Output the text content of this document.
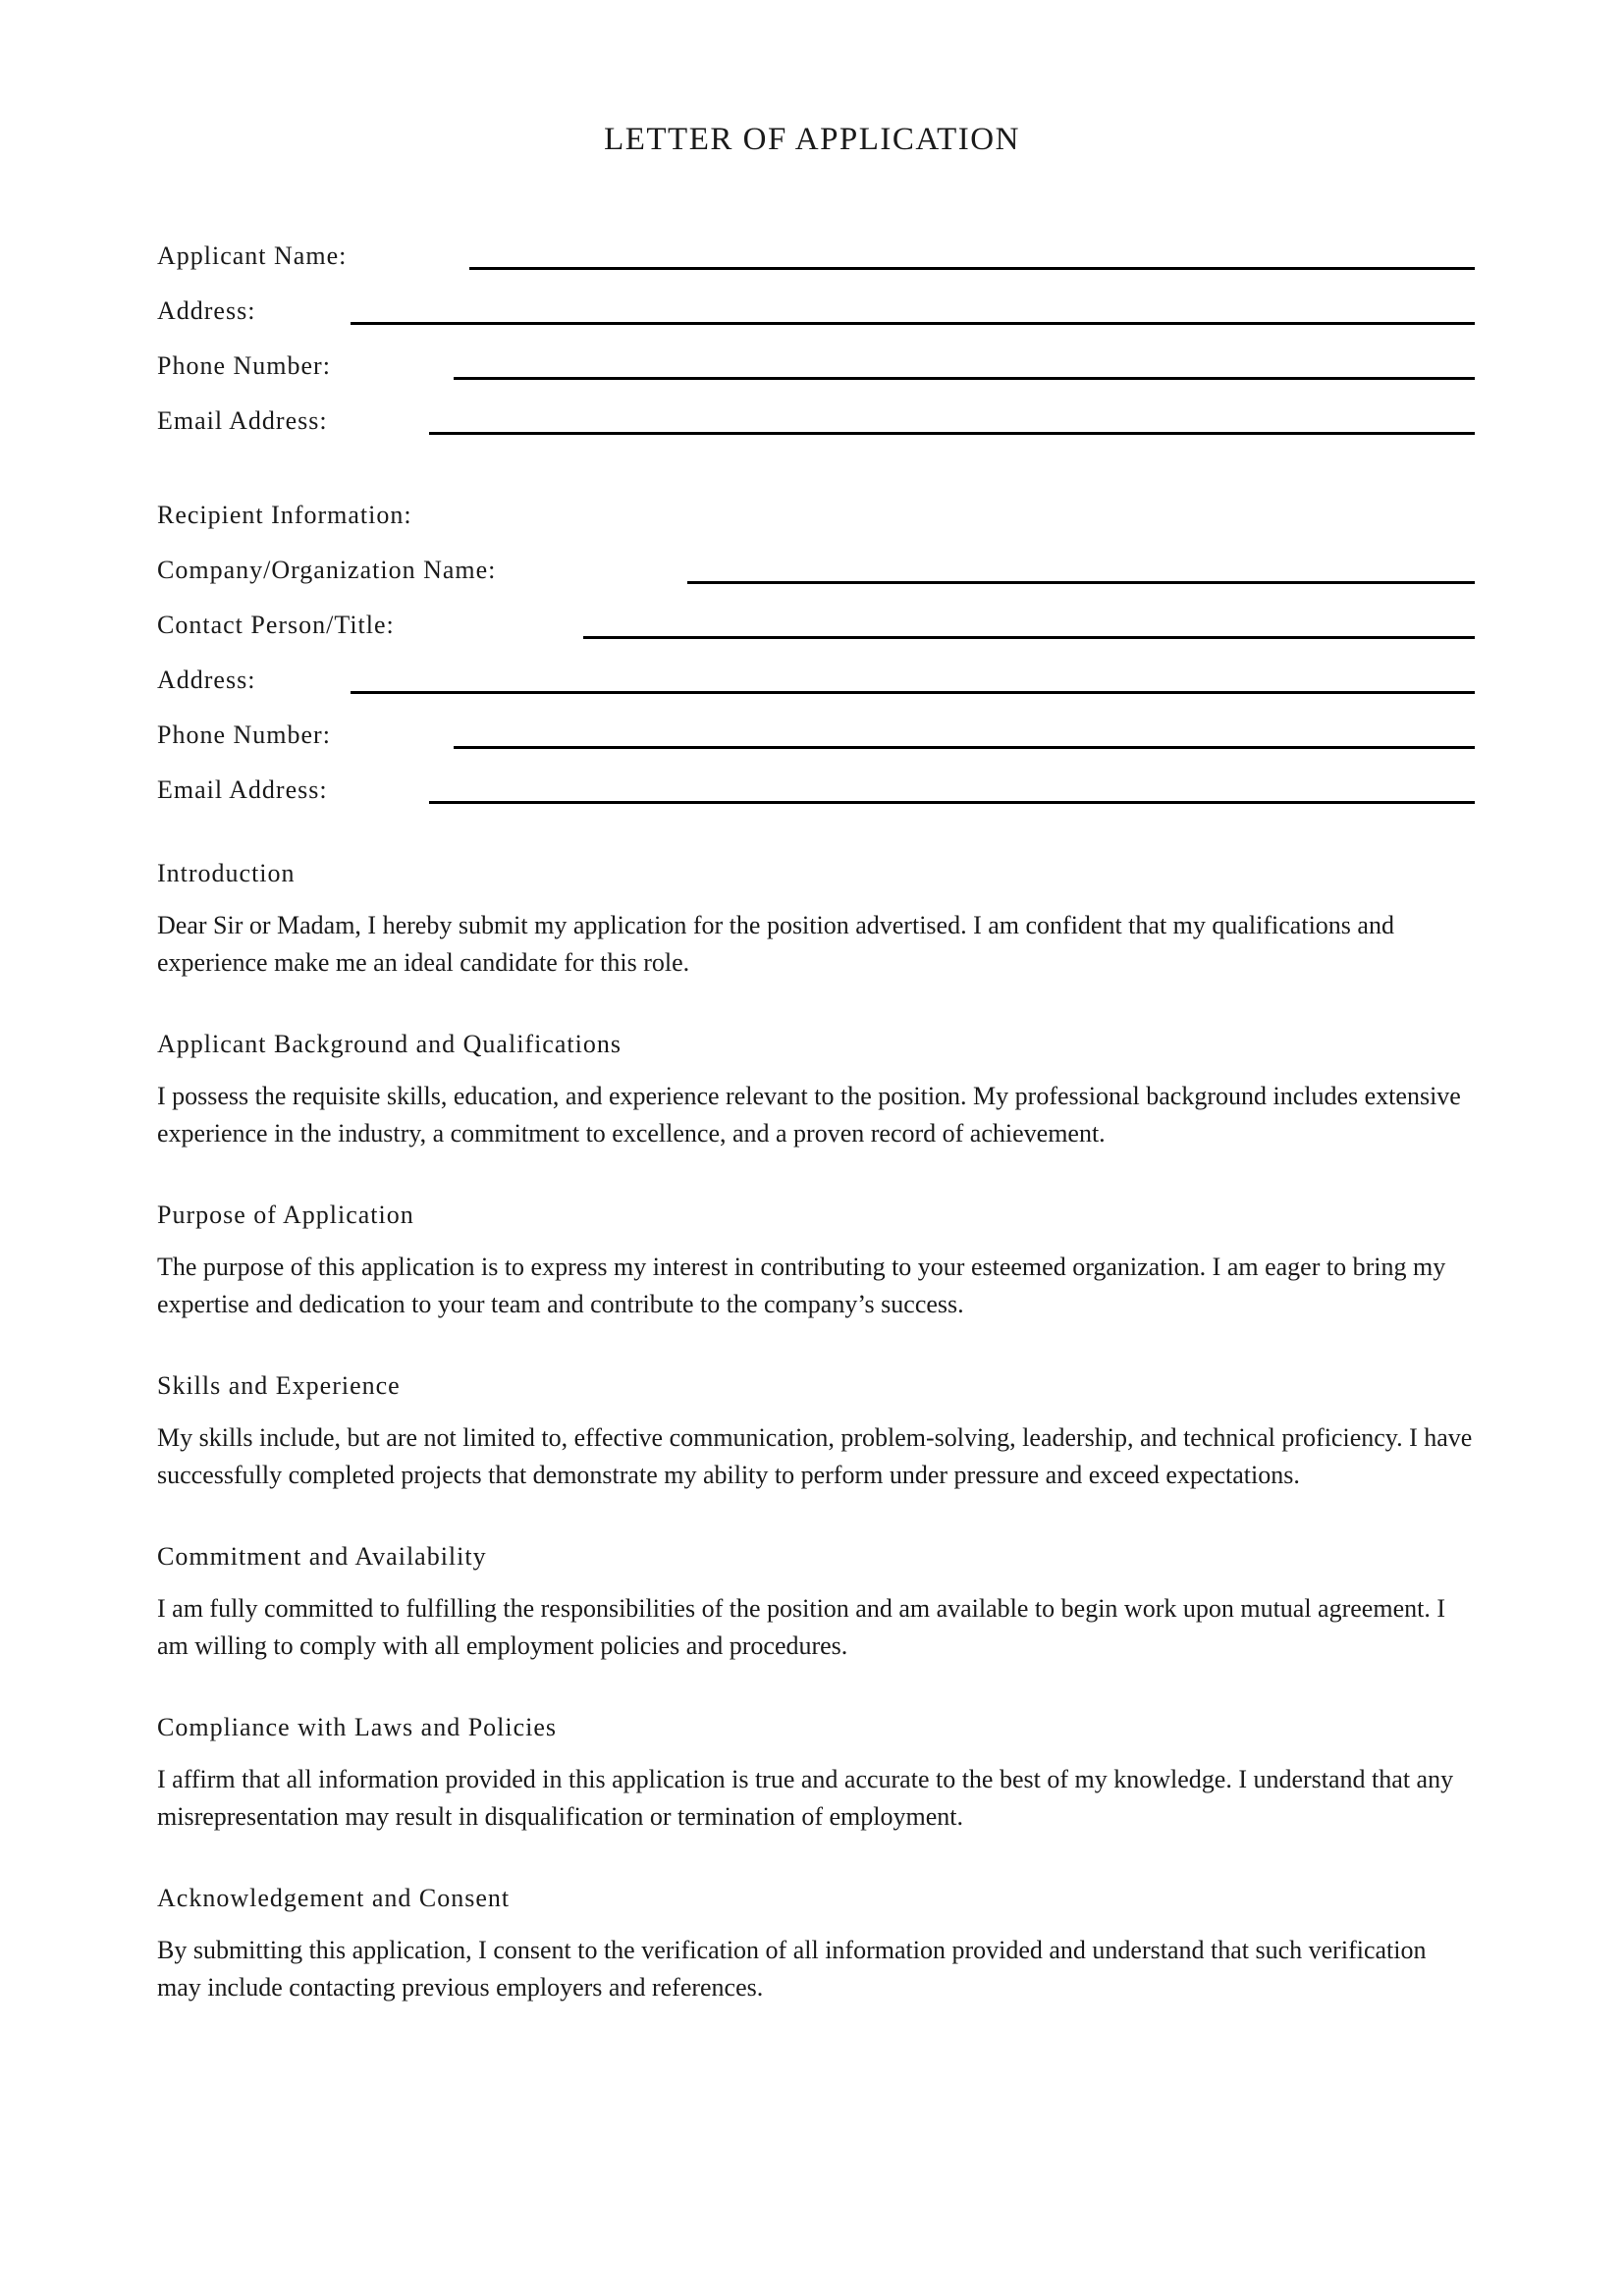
LETTER OF APPLICATION
Applicant Name:
Address:
Phone Number:
Email Address:
Recipient Information:
Company/Organization Name:
Contact Person/Title:
Address:
Phone Number:
Email Address:
Introduction

Dear Sir or Madam, I hereby submit my application for the position advertised. I am confident that my qualifications and experience make me an ideal candidate for this role.

Applicant Background and Qualifications

I possess the requisite skills, education, and experience relevant to the position. My professional background includes extensive experience in the industry, a commitment to excellence, and a proven record of achievement.

Purpose of Application

The purpose of this application is to express my interest in contributing to your esteemed organization. I am eager to bring my expertise and dedication to your team and contribute to the company’s success.

Skills and Experience

My skills include, but are not limited to, effective communication, problem-solving, leadership, and technical proficiency. I have successfully completed projects that demonstrate my ability to perform under pressure and exceed expectations.

Commitment and Availability

I am fully committed to fulfilling the responsibilities of the position and am available to begin work upon mutual agreement. I am willing to comply with all employment policies and procedures.

Compliance with Laws and Policies

I affirm that all information provided in this application is true and accurate to the best of my knowledge. I understand that any misrepresentation may result in disqualification or termination of employment.

Acknowledgement and Consent

By submitting this application, I consent to the verification of all information provided and understand that such verification may include contacting previous employers and references.
